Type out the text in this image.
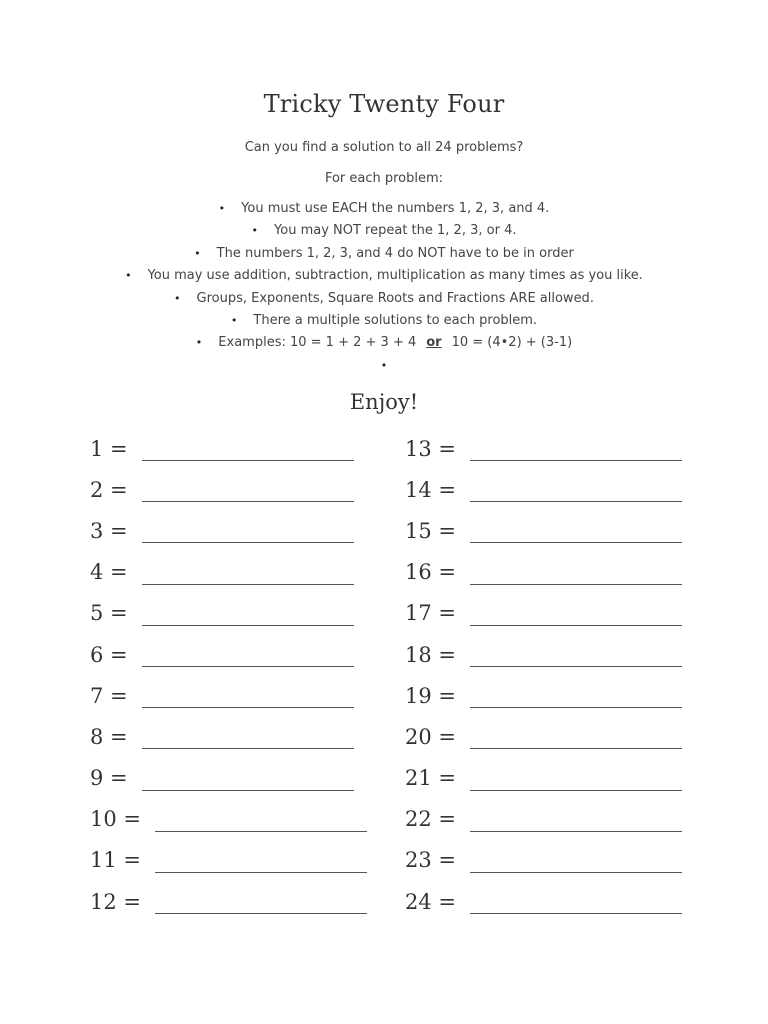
Tricky Twenty Four
Can you find a solution to all 24 problems?
For each problem:
• You must use EACH the numbers 1, 2, 3, and 4.
• You may NOT repeat the 1, 2, 3, or 4.
• The numbers 1, 2, 3, and 4 do NOT have to be in order
• You may use addition, subtraction, multiplication as many times as you like.
• Groups, Exponents, Square Roots and Fractions ARE allowed.
• There a multiple solutions to each problem.
• Examples: 10 = 1 + 2 + 3 + 4 or 10 = (4•2) + (3-1)
•
Enjoy!
1 =
2 =
3 =
4 =
5 =
6 =
7 =
8 =
9 =
10 =
11 =
12 =
13 =
14 =
15 =
16 =
17 =
18 =
19 =
20 =
21 =
22 =
23 =
24 =
